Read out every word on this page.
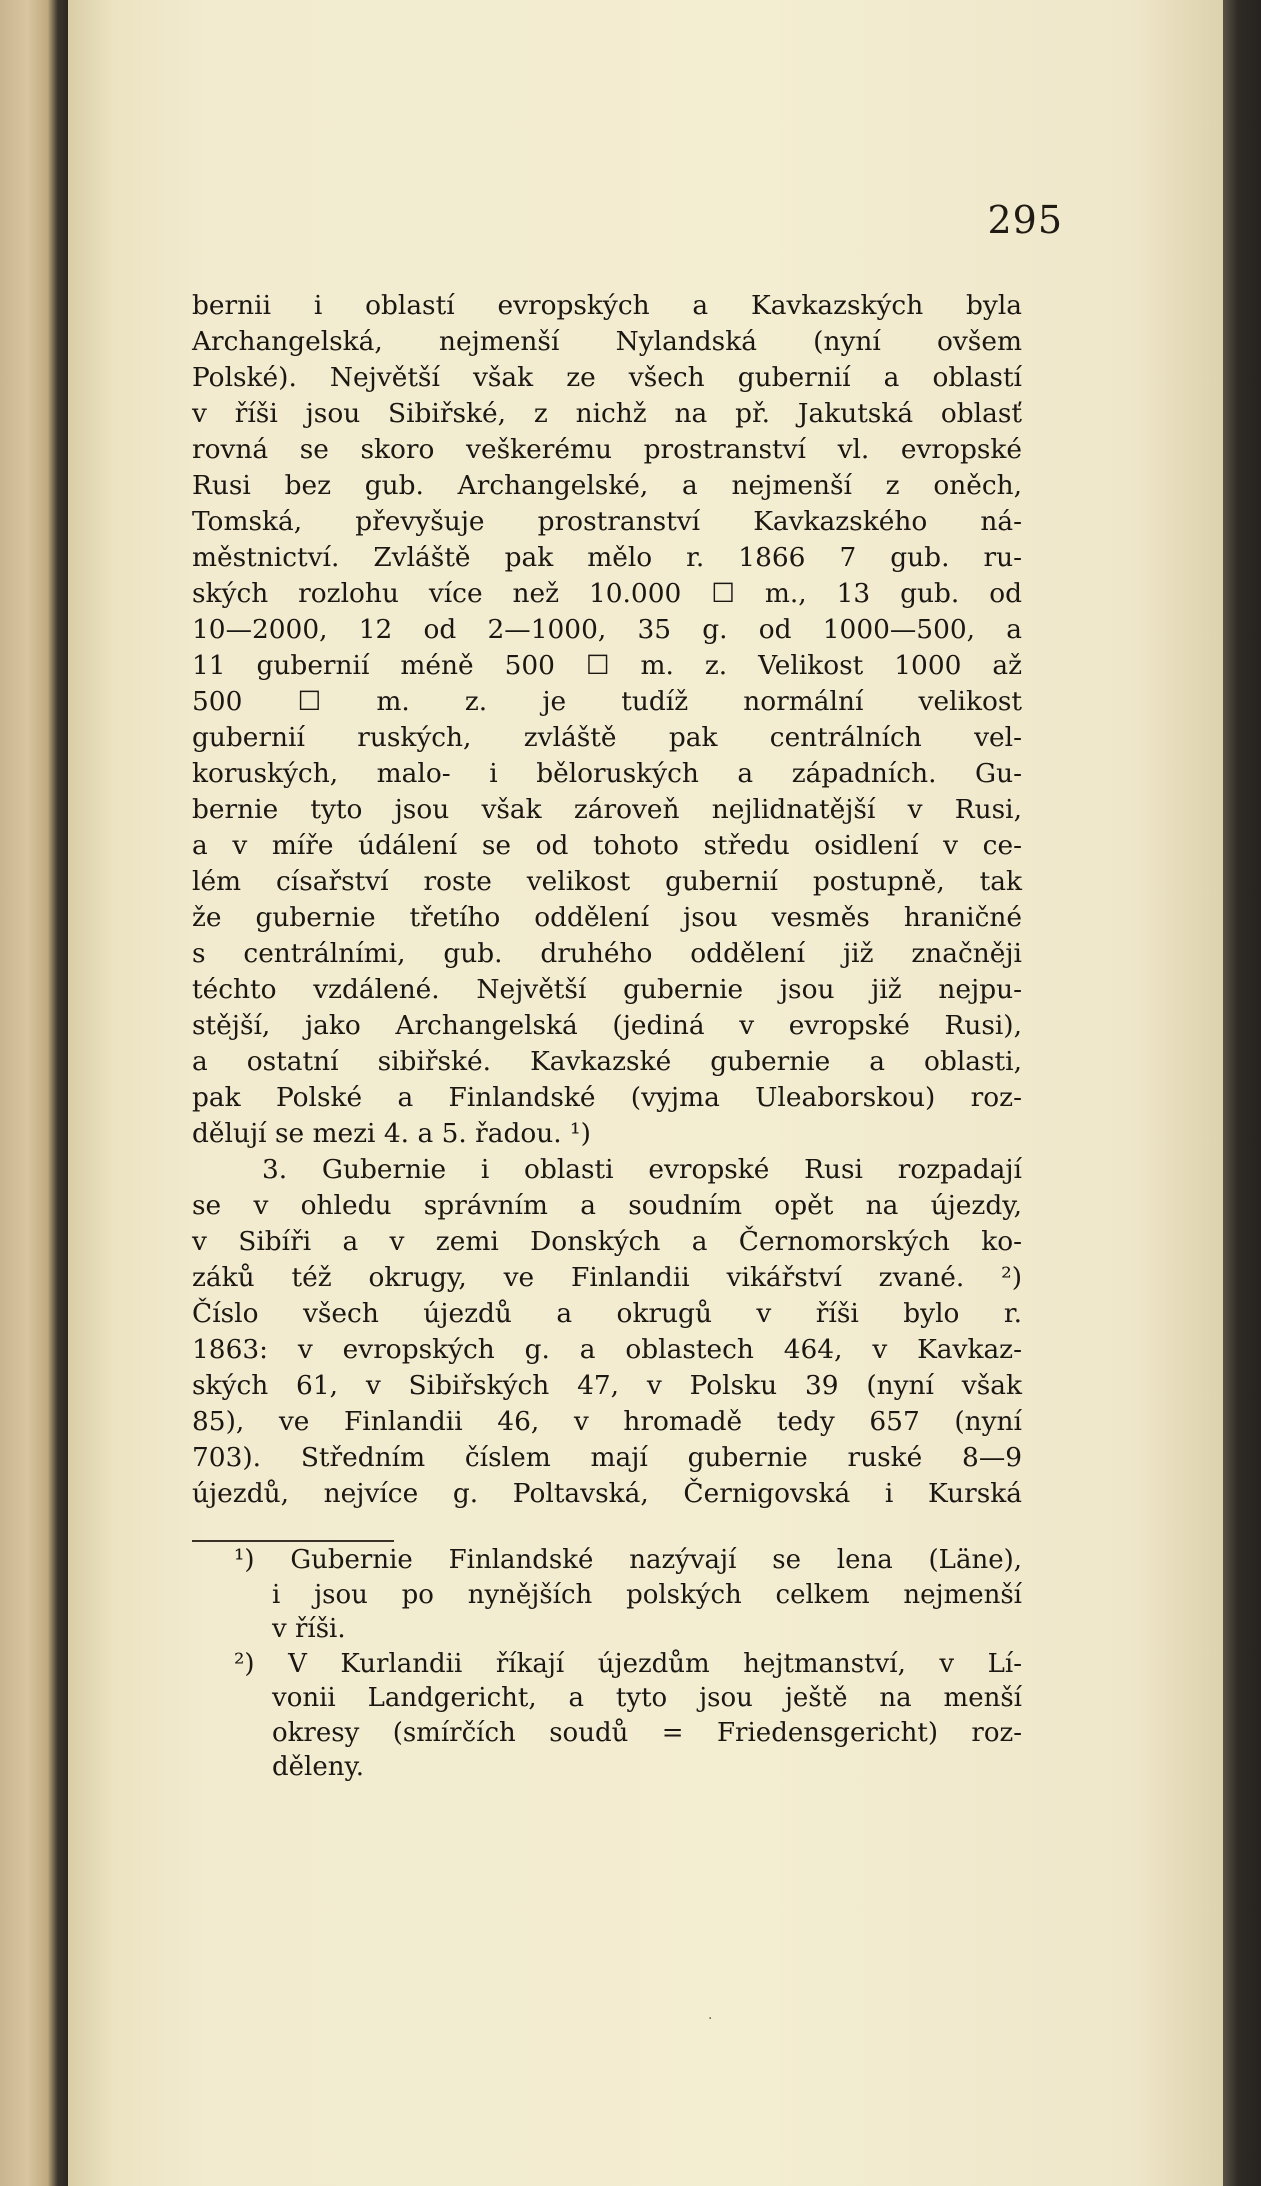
295
bernii i oblastí evropských a Kavkazských byla
Archangelská, nejmenší Nylandská (nyní ovšem
Polské). Největší však ze všech gubernií a oblastí
v říši jsou Sibiřské, z nichž na př. Jakutská oblasť
rovná se skoro veškerému prostranství vl. evropské
Rusi bez gub. Archangelské, a nejmenší z oněch,
Tomská, převyšuje prostranství Kavkazského ná-
městnictví. Zvláště pak mělo r. 1866 7 gub. ru-
ských rozlohu více než 10.000 ☐ m., 13 gub. od
10—2000, 12 od 2—1000, 35 g. od 1000—500, a
11 gubernií méně 500 ☐ m. z. Velikost 1000 až
500 ☐ m. z. je tudíž normální velikost
gubernií ruských, zvláště pak centrálních vel-
koruských, malo- i běloruských a západních. Gu-
bernie tyto jsou však zároveň nejlidnatější v Rusi,
a v míře údálení se od tohoto středu osidlení v ce-
lém císařství roste velikost gubernií postupně, tak
že gubernie třetího oddělení jsou vesměs hraničné
s centrálními, gub. druhého oddělení již značněji
téchto vzdálené. Největší gubernie jsou již nejpu-
stější, jako Archangelská (jediná v evropské Rusi),
a ostatní sibiřské. Kavkazské gubernie a oblasti,
pak Polské a Finlandské (vyjma Uleaborskou) roz-
dělují se mezi 4. a 5. řadou. ¹)
3. Gubernie i oblasti evropské Rusi rozpadají
se v ohledu správním a soudním opět na újezdy,
v Sibíři a v zemi Donských a Černomorských ko-
záků též okrugy, ve Finlandii vikářství zvané. ²)
Číslo všech újezdů a okrugů v říši bylo r.
1863: v evropských g. a oblastech 464, v Kavkaz-
ských 61, v Sibiřských 47, v Polsku 39 (nyní však
85), ve Finlandii 46, v hromadě tedy 657 (nyní
703). Středním číslem mají gubernie ruské 8—9
újezdů, nejvíce g. Poltavská, Černigovská i Kurská
¹) Gubernie Finlandské nazývají se lena (Läne),
i jsou po nynějších polských celkem nejmenší
v říši.
²) V Kurlandii říkají újezdům hejtmanství, v Lí-
vonii Landgericht, a tyto jsou ještě na menší
okresy (smírčích soudů = Friedensgericht) roz-
děleny.
·
